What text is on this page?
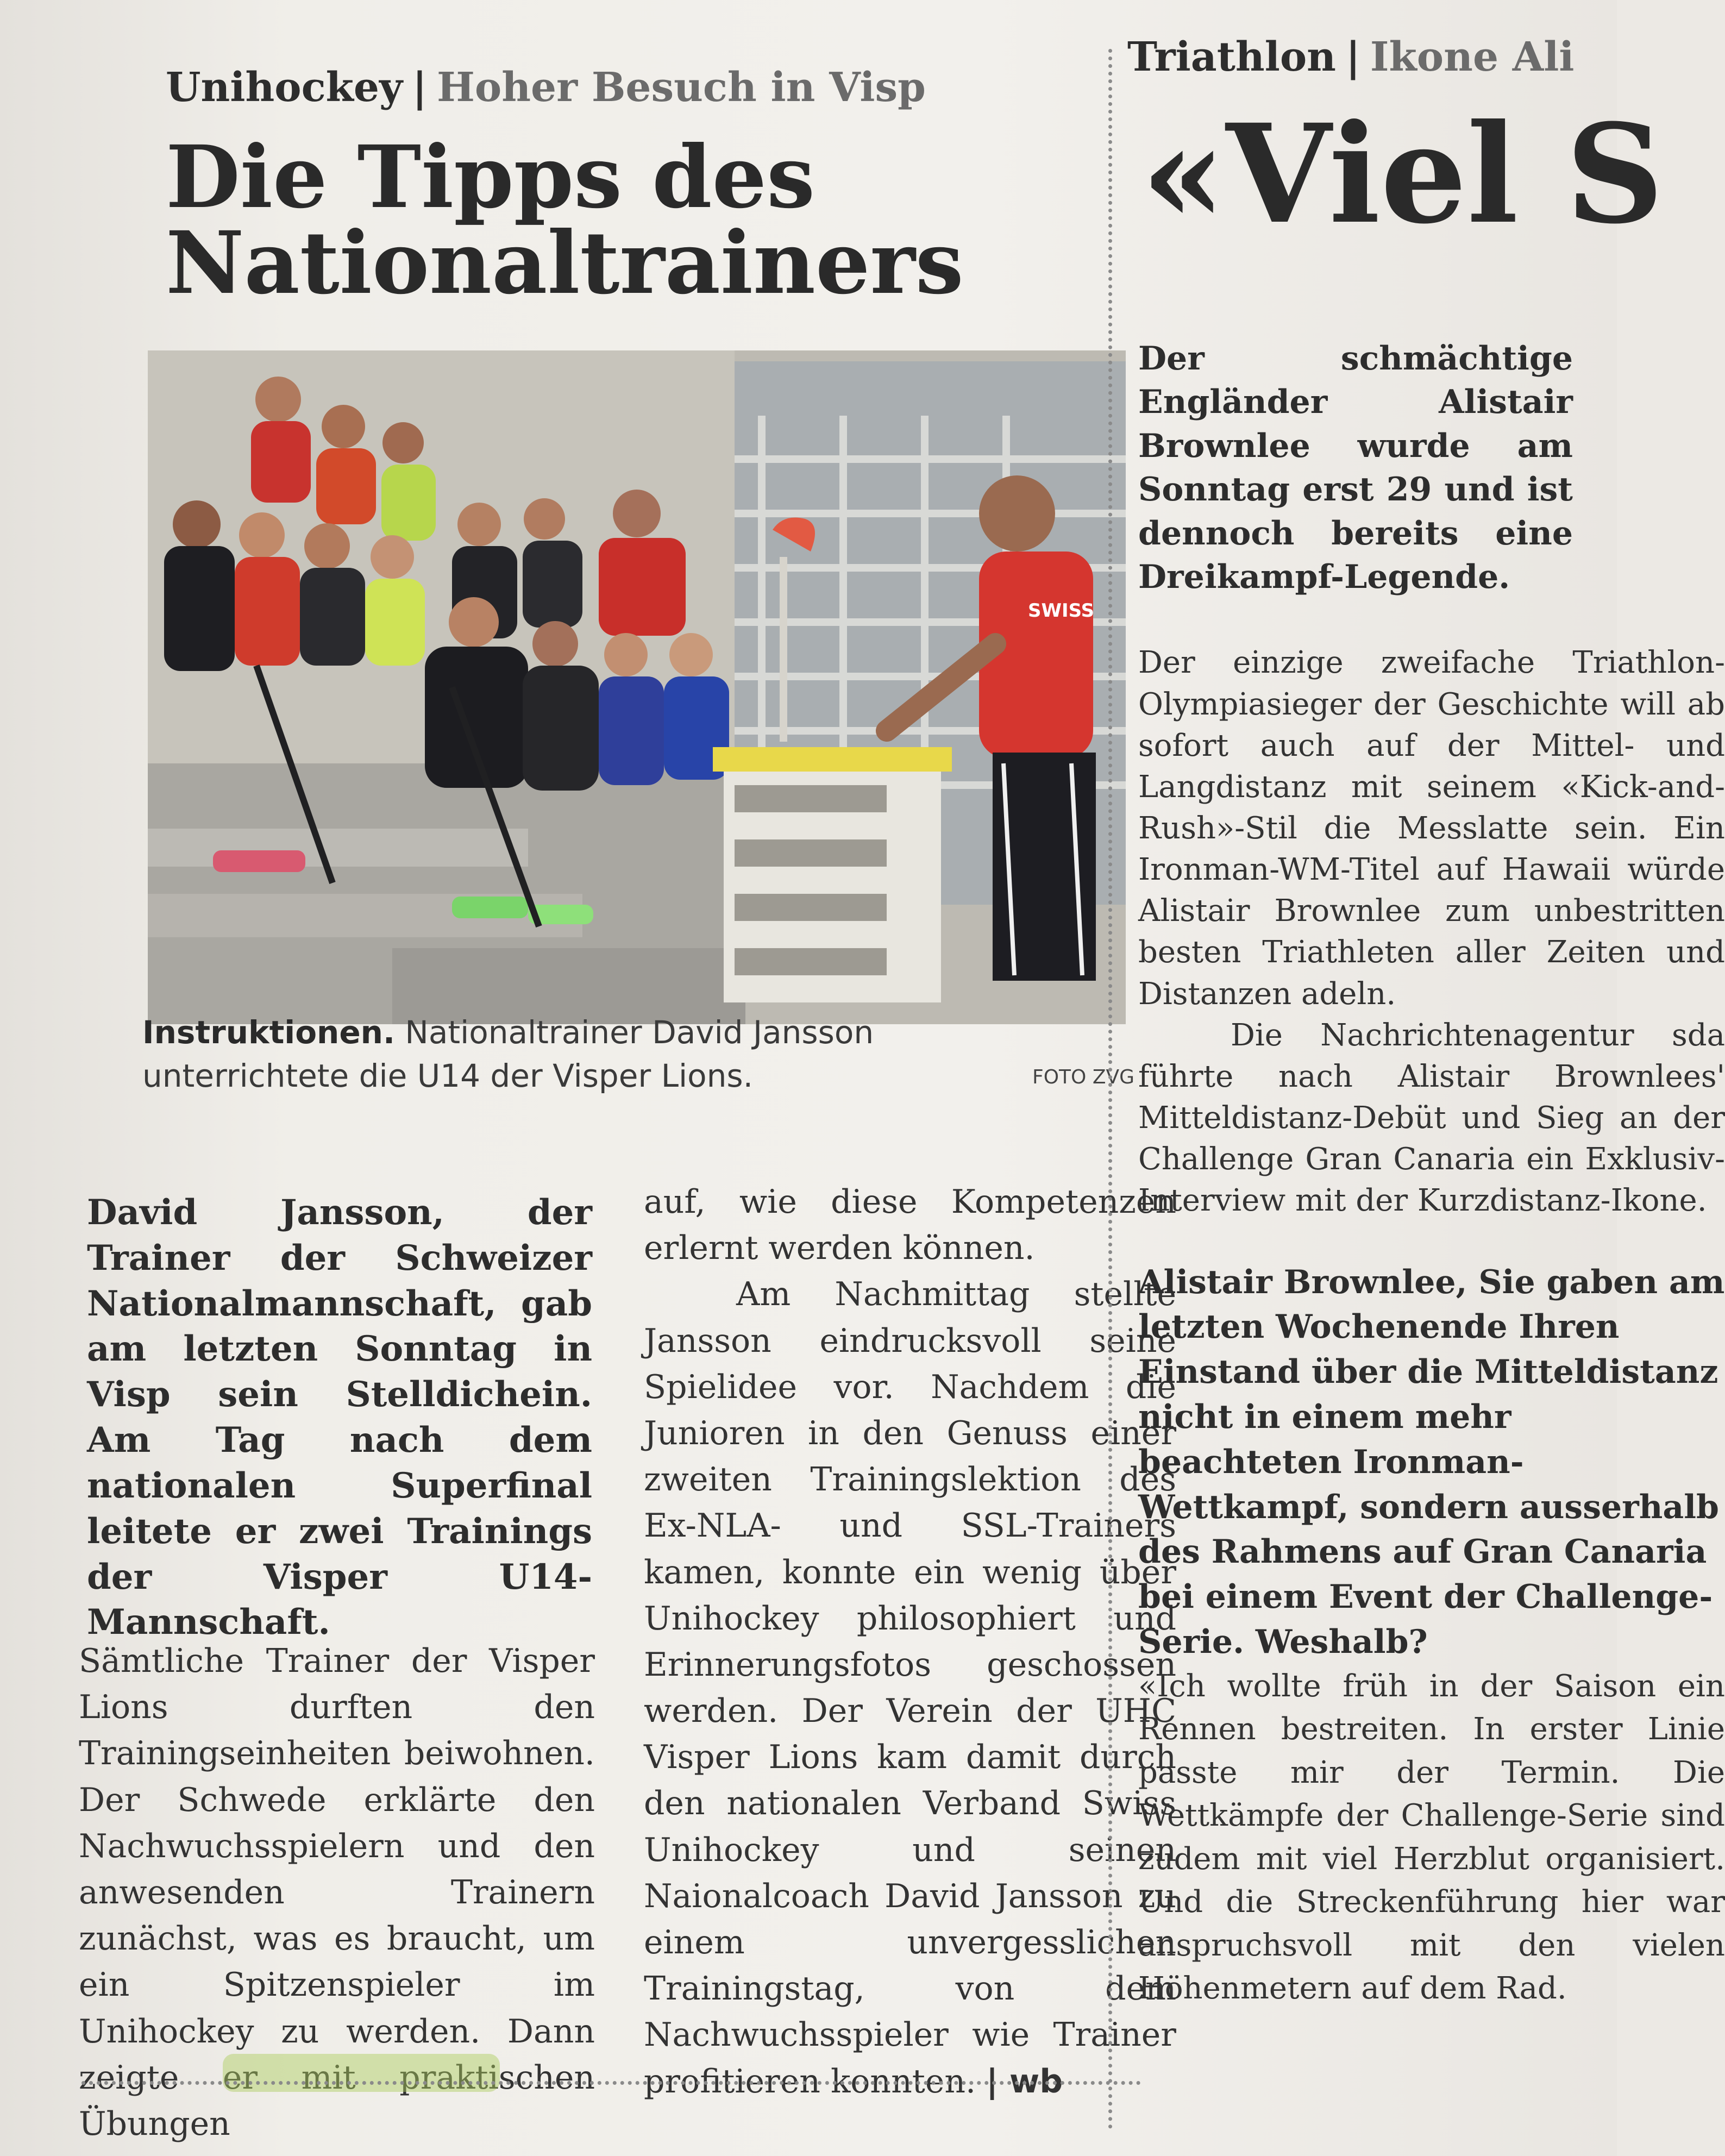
Unihockey | Hoher Besuch in Visp
Die Tipps des
Nationaltrainers
SWISS
Instruktionen. Nationaltrainer David Jansson unterrichtete die U14 der Visper Lions.	FOTO ZVG
David Jansson, der Trainer der Schweizer Nationalmannschaft, gab am letzten Sonntag in Visp sein Stelldichein. Am Tag nach dem nationalen Superfinal leitete er zwei Trainings der Visper U14-Mannschaft.

Sämtliche Trainer der Visper Lions durften den Trainingseinheiten beiwohnen. Der Schwede erklärte den Nachwuchsspielern und den anwesenden Trainern zunächst, was es braucht, um ein Spitzenspieler im Unihockey zu werden. Dann zeigte er mit praktischen Übungen

auf, wie diese Kompetenzen erlernt werden können.

Am Nachmittag stellte Jansson eindrucksvoll seine Spielidee vor. Nachdem die Junioren in den Genuss einer zweiten Trainingslektion des Ex-NLA- und SSL-Trainers kamen, konnte ein wenig über Unihockey philosophiert und Erinnerungsfotos geschossen werden. Der Verein der UHC Visper Lions kam damit durch den nationalen Verband Swiss Unihockey und seinen Naionalcoach David Jansson zu einem unvergesslichen Trainingstag, von dem Nachwuchsspieler wie Trainer profitieren konnten. | wb

Triathlon | Ikone Ali
«Viel S
Der schmächtige Engländer Alistair Brownlee wurde am Sonntag erst 29 und ist dennoch bereits eine Dreikampf-Legende.

Der einzige zweifache Triathlon-Olympiasieger der Geschichte will ab sofort auch auf der Mittel- und Langdistanz mit seinem «Kick-and-Rush»-Stil die Messlatte sein. Ein Ironman-WM-Titel auf Hawaii würde Alistair Brownlee zum unbestritten besten Triathleten aller Zeiten und Distanzen adeln.

Die Nachrichtenagentur sda führte nach Alistair Brownlees' Mitteldistanz-Debüt und Sieg an der Challenge Gran Canaria ein Exklusiv-Interview mit der Kurzdistanz-Ikone.

Alistair Brownlee, Sie gaben am letzten Wochenende Ihren Einstand über die Mitteldistanz nicht in einem mehr beachteten Ironman-Wettkampf, sondern ausserhalb des Rahmens auf Gran Canaria bei einem Event der Challenge-Serie. Weshalb?
«Ich wollte früh in der Saison ein Rennen bestreiten. In erster Linie passte mir der Termin. Die Wettkämpfe der Challenge-Serie sind zudem mit viel Herzblut organisiert. Und die Streckenführung hier war anspruchsvoll mit den vielen Höhenmetern auf dem Rad.
